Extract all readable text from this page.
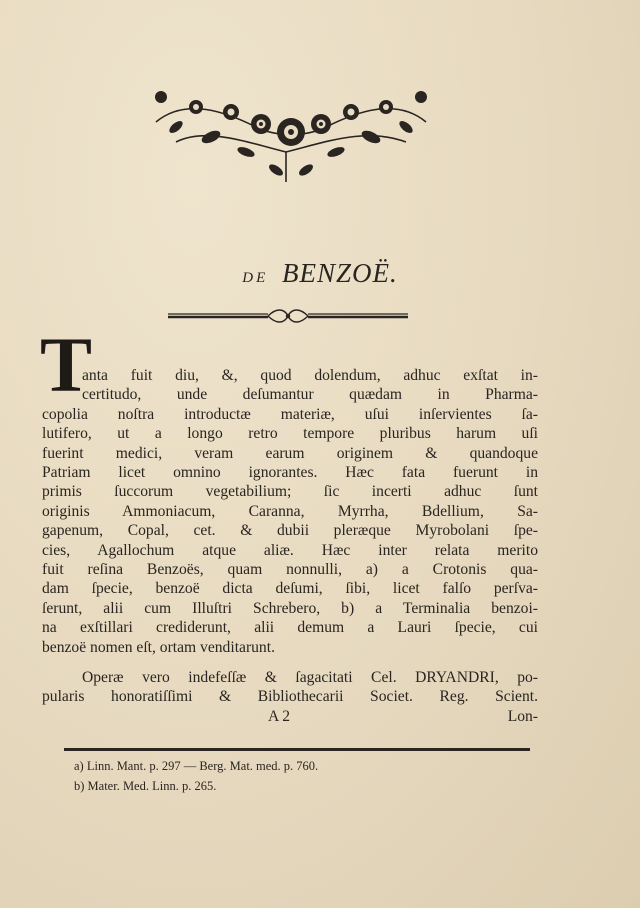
DE BENZOË.
T
anta fuit diu, &, quod dolendum, adhuc exſtat in-
certitudo, unde deſumantur quædam in Pharma-
copolia noſtra introductæ materiæ, uſui inſervientes ſa-
lutifero, ut a longo retro tempore pluribus harum uſi
fuerint medici, veram earum originem & quandoque
Patriam licet omnino ignorantes. Hæc fata fuerunt in
primis ſuccorum vegetabilium; ſic incerti adhuc ſunt
originis Ammoniacum, Caranna, Myrrha, Bdellium, Sa-
gapenum, Copal, cet. & dubii pleræque Myrobolani ſpe-
cies, Agallochum atque aliæ. Hæc inter relata merito
fuit reſina Benzoës, quam nonnulli, a) a Crotonis qua-
dam ſpecie, benzoë dicta deſumi, ſibi, licet falſo perſva-
ſerunt, alii cum Illuſtri Schrebero, b) a Terminalia benzoi-
na exſtillari crediderunt, alii demum a Lauri ſpecie, cui
benzoë nomen eſt, ortam venditarunt.
Operæ vero indefeſſæ & ſagacitati Cel. DRYANDRI, po-
pularis honoratiſſimi & Bibliothecarii Societ. Reg. Scient.
A 2	Lon-
a) Linn. Mant. p. 297 — Berg. Mat. med. p. 760.
b) Mater. Med. Linn. p. 265.
